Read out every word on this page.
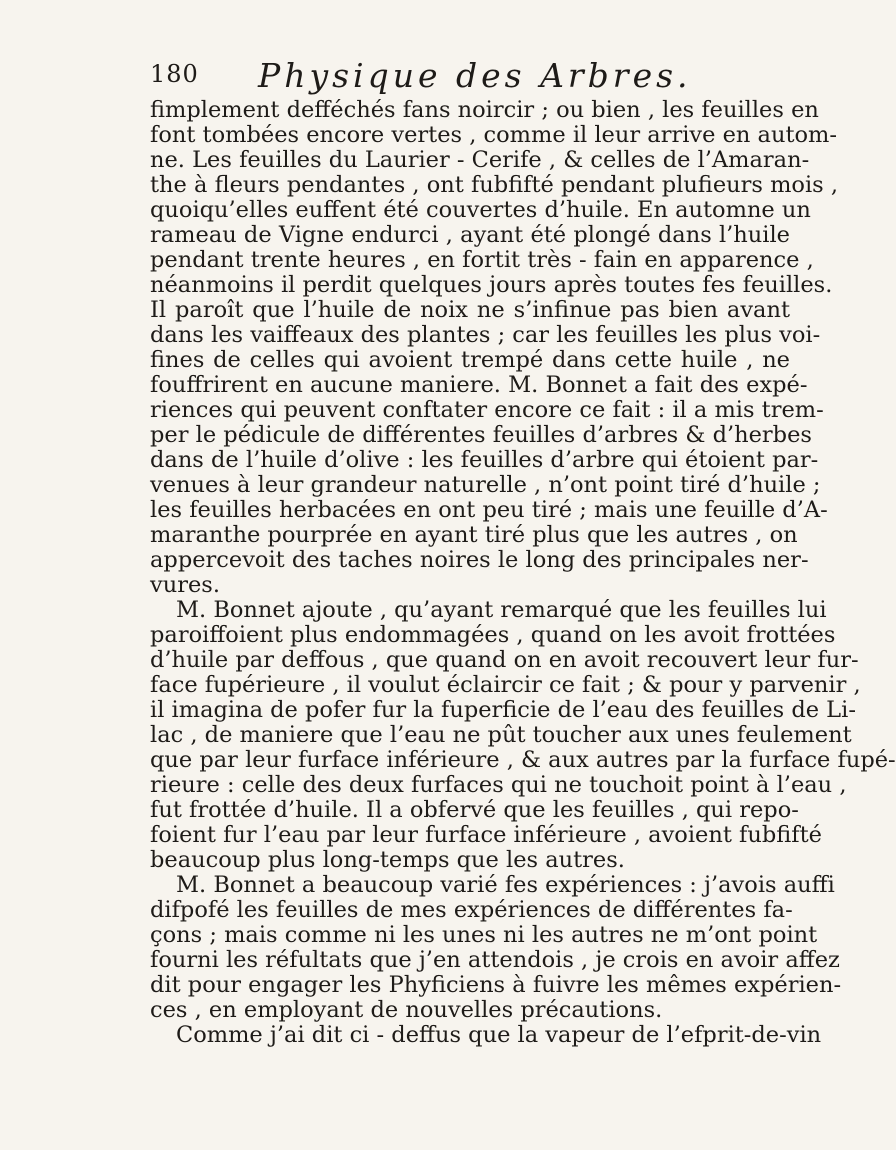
180 Physique des Arbres.
fimplement defféchés fans noircir ; ou bien , les feuilles en
font tombées encore vertes , comme il leur arrive en autom-
ne. Les feuilles du Laurier - Cerife , & celles de l’Amaran-
the à fleurs pendantes , ont fubfifté pendant plufieurs mois ,
quoiqu’elles euffent été couvertes d’huile. En automne un
rameau de Vigne endurci , ayant été plongé dans l’huile
pendant trente heures , en fortit très - fain en apparence ,
néanmoins il perdit quelques jours après toutes fes feuilles.
Il paroît que l’huile de noix ne s’infinue pas bien avant
dans les vaiffeaux des plantes ; car les feuilles les plus voi-
fines de celles qui avoient trempé dans cette huile , ne
fouffrirent en aucune maniere. M. Bonnet a fait des expé-
riences qui peuvent conftater encore ce fait : il a mis trem-
per le pédicule de différentes feuilles d’arbres & d’herbes
dans de l’huile d’olive : les feuilles d’arbre qui étoient par-
venues à leur grandeur naturelle , n’ont point tiré d’huile ;
les feuilles herbacées en ont peu tiré ; mais une feuille d’A-
maranthe pourprée en ayant tiré plus que les autres , on
appercevoit des taches noires le long des principales ner-
vures.
M. Bonnet ajoute , qu’ayant remarqué que les feuilles lui
paroiffoient plus endommagées , quand on les avoit frottées
d’huile par deffous , que quand on en avoit recouvert leur fur-
face fupérieure , il voulut éclaircir ce fait ; & pour y parvenir ,
il imagina de pofer fur la fuperficie de l’eau des feuilles de Li-
lac , de maniere que l’eau ne pût toucher aux unes feulement
que par leur furface inférieure , & aux autres par la furface fupé-
rieure : celle des deux furfaces qui ne touchoit point à l’eau ,
fut frottée d’huile. Il a obfervé que les feuilles , qui repo-
foient fur l’eau par leur furface inférieure , avoient fubfifté
beaucoup plus long-temps que les autres.
M. Bonnet a beaucoup varié fes expériences : j’avois auffi
difpofé les feuilles de mes expériences de différentes fa-
çons ; mais comme ni les unes ni les autres ne m’ont point
fourni les réfultats que j’en attendois , je crois en avoir affez
dit pour engager les Phyficiens à fuivre les mêmes expérien-
ces , en employant de nouvelles précautions.
Comme j’ai dit ci - deffus que la vapeur de l’efprit-de-vin
